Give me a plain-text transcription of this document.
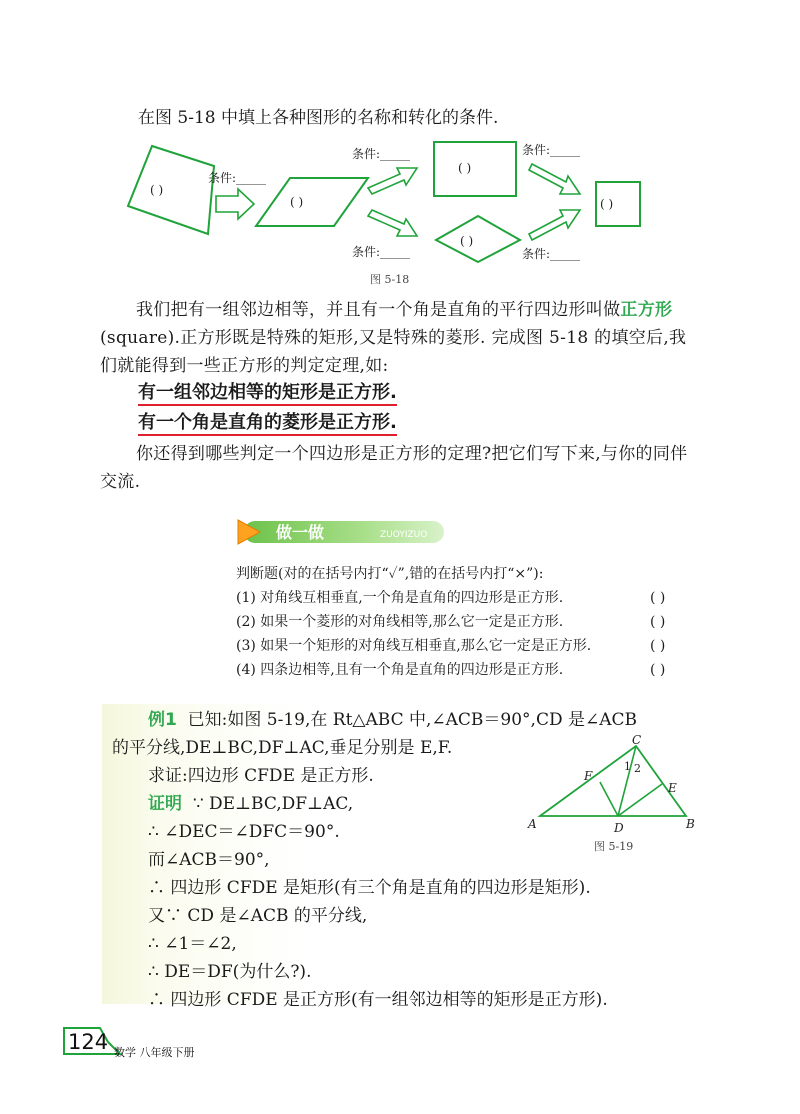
在图 5-18 中填上各种图形的名称和转化的条件.
( )
条件:_____
( )
条件:_____
条件:_____
( )
( )
条件:_____
条件:_____
( )
图 5-18
我们把有一组邻边相等，并且有一个角是直角的平行四边形叫做正方形(square).正方形既是特殊的矩形,又是特殊的菱形. 完成图 5-18 的填空后,我们就能得到一些正方形的判定定理,如:
有一组邻边相等的矩形是正方形.
有一个角是直角的菱形是正方形.
你还得到哪些判定一个四边形是正方形的定理?把它们写下来,与你的同伴交流.
做一做	ZUOYIZUO
判断题(对的在括号内打“✓”,错的在括号内打“×”):
(1) 对角线互相垂直,一个角是直角的四边形是正方形.	( )
(2) 如果一个菱形的对角线相等,那么它一定是正方形.	( )
(3) 如果一个矩形的对角线互相垂直,那么它一定是正方形.	( )
(4) 四条边相等,且有一个角是直角的四边形是正方形.	( )
例1 已知:如图 5-19,在 Rt△ABC 中,∠ACB＝90°,CD 是∠ACB
的平分线,DE⊥BC,DF⊥AC,垂足分别是 E,F.
求证:四边形 CFDE 是正方形.
证明 ∵ DE⊥BC,DF⊥AC,
∴ ∠DEC＝∠DFC＝90°.
而∠ACB＝90°,
∴ 四边形 CFDE 是矩形(有三个角是直角的四边形是矩形).
又∵ CD 是∠ACB 的平分线,
∴ ∠1＝∠2,
∴ DE＝DF(为什么?).
∴ 四边形 CFDE 是正方形(有一组邻边相等的矩形是正方形).
A	B
C
D
E
F
1 2
图 5-19
124 数学 八年级下册
